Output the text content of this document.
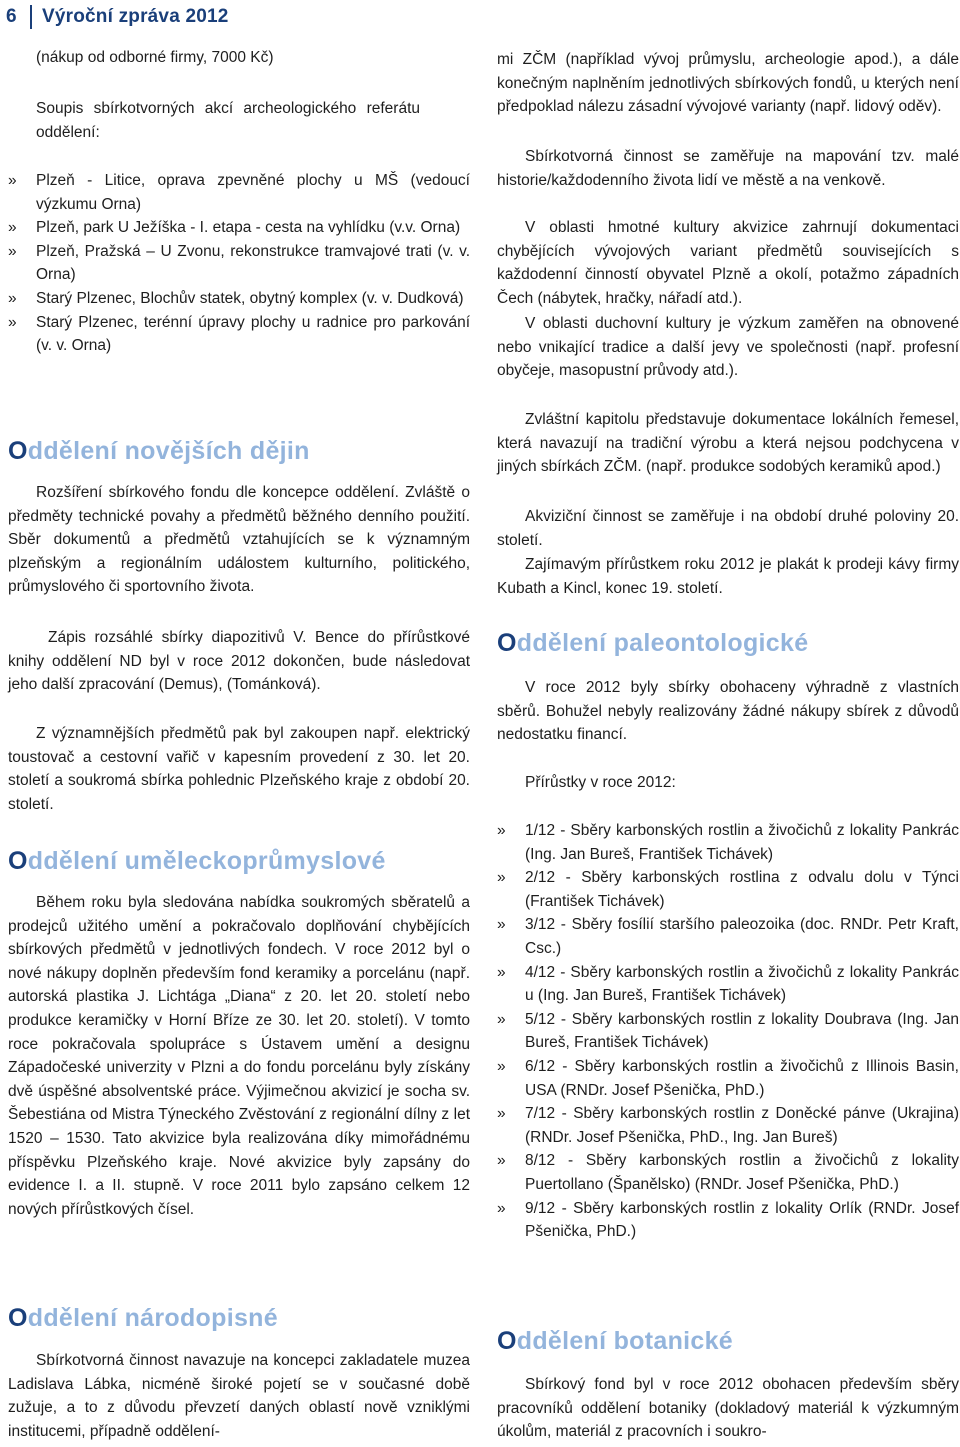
6	Výroční zpráva 2012

(nákup od odborné firmy, 7000 Kč)

Soupis sbírkotvorných akcí archeologického referátu oddělení:

» Plzeň - Litice, oprava zpevněné plochy u MŠ (vedoucí výzkumu Orna)
» Plzeň, park U Ježíška - I. etapa - cesta na vyhlídku (v.v. Orna)
» Plzeň, Pražská – U Zvonu, rekonstrukce tramvajové trati (v. v. Orna)
» Starý Plzenec, Blochův statek, obytný komplex (v. v. Dudková)
» Starý Plzenec, terénní úpravy plochy u radnice pro parkování (v. v. Orna)
Oddělení novějších dějin

Rozšíření sbírkového fondu dle koncepce oddělení. Zvláště o předměty technické povahy a předmětů běžného denního použití. Sběr dokumentů a předmětů vztahujících se k významným plzeňským a regionálním událostem kulturního, politického, průmyslového či sportovního života.

Zápis rozsáhlé sbírky diapozitivů V. Bence do přírůstkové knihy oddělení ND byl v roce 2012 dokončen, bude následovat jeho další zpracování (Demus), (Tománková).

Z významnějších předmětů pak byl zakoupen např. elektrický toustovač a cestovní vařič v kapesním provedení z 30. let 20. století a soukromá sbírka pohlednic Plzeňského kraje z období 20. století.

Oddělení uměleckoprůmyslové

Během roku byla sledována nabídka soukromých sběratelů a prodejců užitého umění a pokračovalo doplňování chybějících sbírkových předmětů v jednotlivých fondech. V roce 2012 byl o nové nákupy doplněn především fond keramiky a porcelánu (např. autorská plastika J. Lichtága „Diana“ z 20. let 20. století nebo produkce keramičky v Horní Bříze ze 30. let 20. století). V tomto roce pokračovala spolupráce s Ústavem umění a designu Západočeské univerzity v Plzni a do fondu porcelánu byly získány dvě úspěšné absolventské práce. Výjimečnou akvizicí je socha sv. Šebestiána od Mistra Týneckého Zvěstování z regionální dílny z let 1520 – 1530. Tato akvizice byla realizována díky mimořádnému příspěvku Plzeňského kraje. Nové akvizice byly zapsány do evidence I. a II. stupně. V roce 2011 bylo zapsáno celkem 12 nových přírůstkových čísel.

Oddělení národopisné

Sbírkotvorná činnost navazuje na koncepci zakladatele muzea Ladislava Lábka, nicméně široké pojetí se v současné době zužuje, a to z důvodu převzetí daných oblastí nově vzniklými institucemi, případně oddělení-

mi ZČM (například vývoj průmyslu, archeologie apod.), a dále konečným naplněním jednotlivých sbírkových fondů, u kterých není předpoklad nálezu zásadní vývojové varianty (např. lidový oděv).

Sbírkotvorná činnost se zaměřuje na mapování tzv. malé historie/každodenního života lidí ve městě a na venkově.

V oblasti hmotné kultury akvizice zahrnují dokumentaci chybějících vývojových variant předmětů souvisejících s každodenní činností obyvatel Plzně a okolí, potažmo západních Čech (nábytek, hračky, nářadí atd.).

V oblasti duchovní kultury je výzkum zaměřen na obnovené nebo vnikající tradice a další jevy ve společnosti (např. profesní obyčeje, masopustní průvody atd.).

Zvláštní kapitolu představuje dokumentace lokálních řemesel, která navazují na tradiční výrobu a která nejsou podchycena v jiných sbírkách ZČM. (např. produkce sodobých keramiků apod.)

Akviziční činnost se zaměřuje i na období druhé poloviny 20. století.

Zajímavým přírůstkem roku 2012 je plakát k prodeji kávy firmy Kubath a Kincl, konec 19. století.

Oddělení paleontologické

V roce 2012 byly sbírky obohaceny výhradně z vlastních sběrů. Bohužel nebyly realizovány žádné nákupy sbírek z důvodů nedostatku financí.

Přírůstky v roce 2012:

» 1/12 - Sběry karbonských rostlin a živočichů z lokality Pankrác (Ing. Jan Bureš, František Tichávek)
» 2/12 - Sběry karbonských rostlina z odvalu dolu v Týnci (František Tichávek)
» 3/12 - Sběry fosílií staršího paleozoika (doc. RNDr. Petr Kraft, Csc.)
» 4/12 - Sběry karbonských rostlin a živočichů z lokality Pankrác u (Ing. Jan Bureš, František Tichávek)
» 5/12 - Sběry karbonských rostlin z lokality Doubrava (Ing. Jan Bureš, František Tichávek)
» 6/12 - Sběry karbonských rostlin a živočichů z Illinois Basin, USA (RNDr. Josef Pšenička, PhD.)
» 7/12 - Sběry karbonských rostlin z Doněcké pánve (Ukrajina) (RNDr. Josef Pšenička, PhD., Ing. Jan Bureš)
» 8/12 - Sběry karbonských rostlin a živočichů z lokality Puertollano (Španělsko) (RNDr. Josef Pšenička, PhD.)
» 9/12 - Sběry karbonských rostlin z lokality Orlík (RNDr. Josef Pšenička, PhD.)
Oddělení botanické

Sbírkový fond byl v roce 2012 obohacen především sběry pracovníků oddělení botaniky (dokladový materiál k výzkumným úkolům, materiál z pracovních i soukro-
